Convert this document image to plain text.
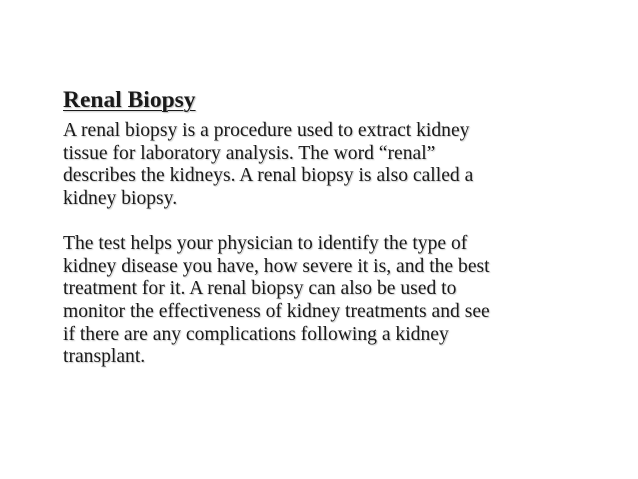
Renal Biopsy

A renal biopsy is a procedure used to extract kidney
tissue for laboratory analysis. The word “renal”
describes the kidneys. A renal biopsy is also called a
kidney biopsy.

The test helps your physician to identify the type of
kidney disease you have, how severe it is, and the best
treatment for it. A renal biopsy can also be used to
monitor the effectiveness of kidney treatments and see
if there are any complications following a kidney
transplant.
